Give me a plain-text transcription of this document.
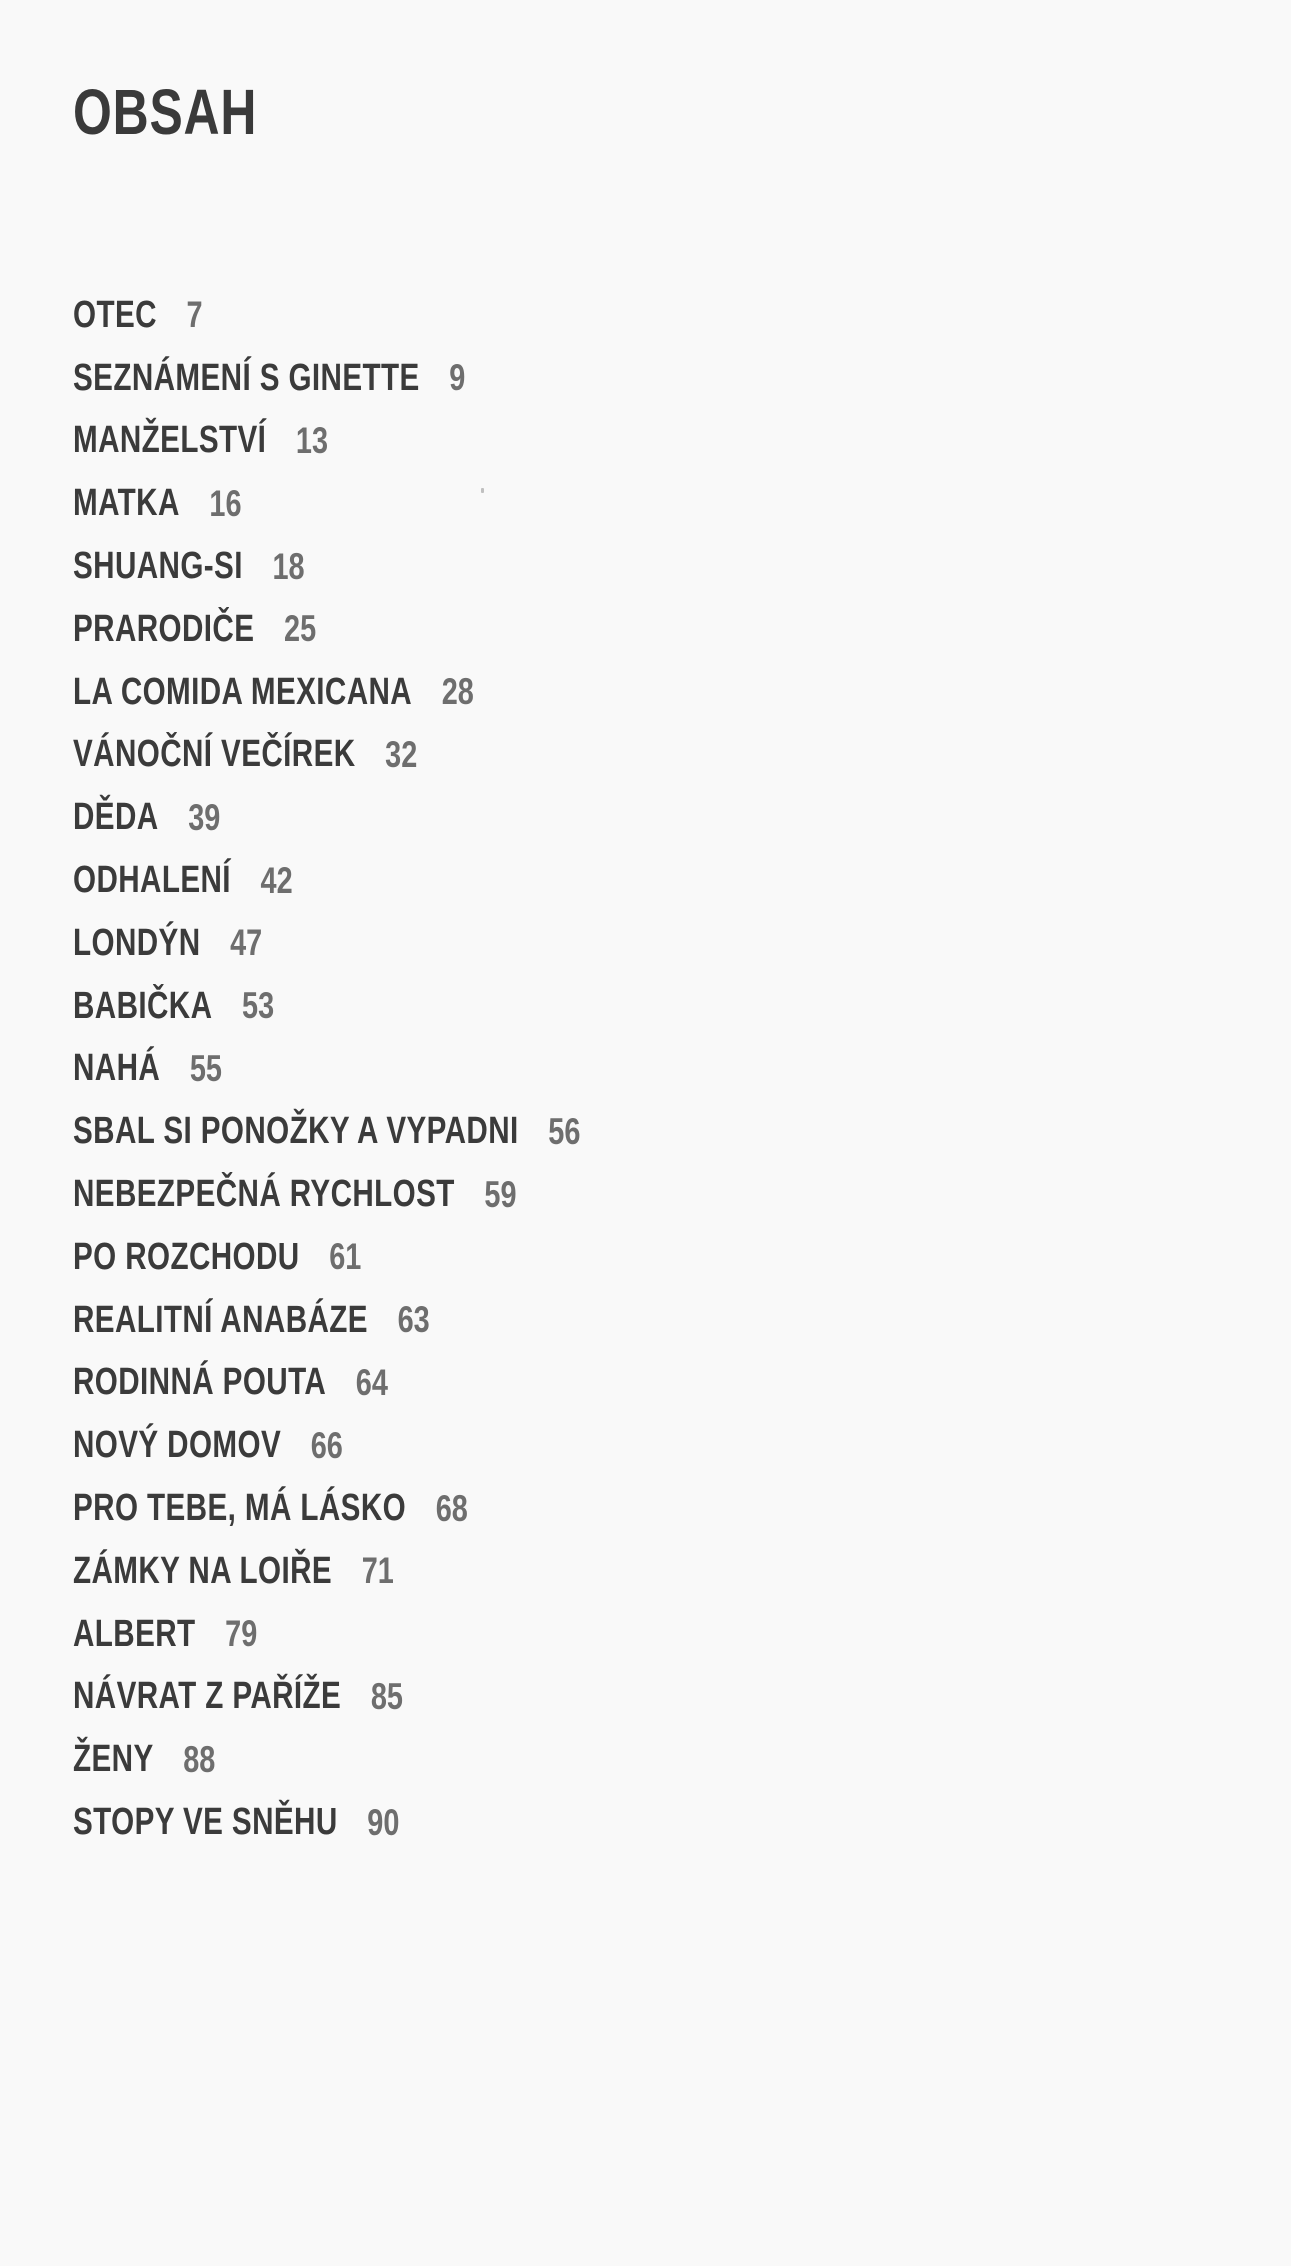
OBSAH
OTEC 7
SEZNÁMENÍ S GINETTE 9
MANŽELSTVÍ 13
MATKA 16
SHUANG-SI 18
PRARODIČE 25
LA COMIDA MEXICANA 28
VÁNOČNÍ VEČÍREK 32
DĚDA 39
ODHALENÍ 42
LONDÝN 47
BABIČKA 53
NAHÁ 55
SBAL SI PONOŽKY A VYPADNI 56
NEBEZPEČNÁ RYCHLOST 59
PO ROZCHODU 61
REALITNÍ ANABÁZE 63
RODINNÁ POUTA 64
NOVÝ DOMOV 66
PRO TEBE, MÁ LÁSKO 68
ZÁMKY NA LOIŘE 71
ALBERT 79
NÁVRAT Z PAŘÍŽE 85
ŽENY 88
STOPY VE SNĚHU 90
